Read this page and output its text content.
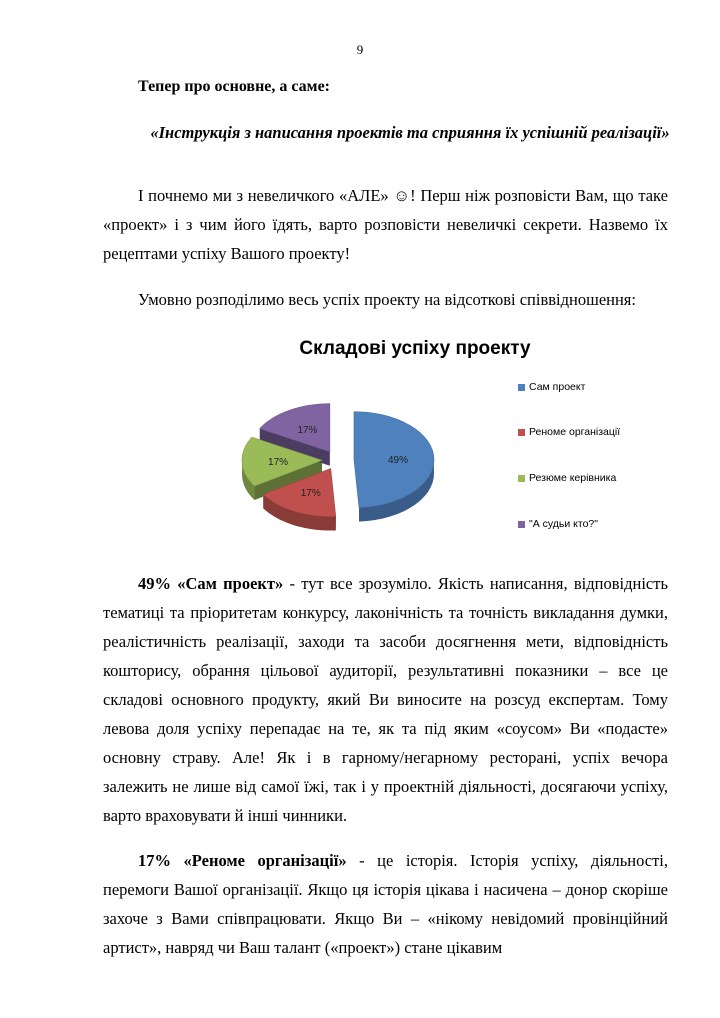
9
Тепер про основне, а саме:
«Інструкція з написання проектів та сприяння їх успішній реалізації»

І почнемо ми з невеличкого «АЛЕ» ☺! Перш ніж розповісти Вам, що таке «проект» і з чим його їдять, варто розповісти невеличкі секрети. Назвемо їх рецептами успіху Вашого проекту!

Умовно розподілимо весь успіх проекту на відсоткові співвідношення:

Складові успіху проекту
49%
17%
17%
17%
Сам проект
Реноме організації
Резюме керівника
"А судьи кто?"

49% «Сам проект» - тут все зрозуміло. Якість написання, відповідність тематиці та пріоритетам конкурсу, лаконічність та точність викладання думки, реалістичність реалізації, заходи та засоби досягнення мети, відповідність кошторису, обрання цільової аудиторії, результативні показники – все це складові основного продукту, який Ви виносите на розсуд експертам. Тому левова доля успіху перепадає на те, як та під яким «соусом» Ви «подасте» основну страву. Але! Як і в гарному/негарному ресторані, успіх вечора залежить не лише від самої їжі, так і у проектній діяльності, досягаючи успіху, варто враховувати й інші чинники.

17% «Реноме організації» - це історія. Історія успіху, діяльності, перемоги Вашої організації. Якщо ця історія цікава і насичена – донор скоріше захоче з Вами співпрацювати. Якщо Ви – «нікому невідомий провінційний артист», навряд чи Ваш талант («проект») стане цікавим
